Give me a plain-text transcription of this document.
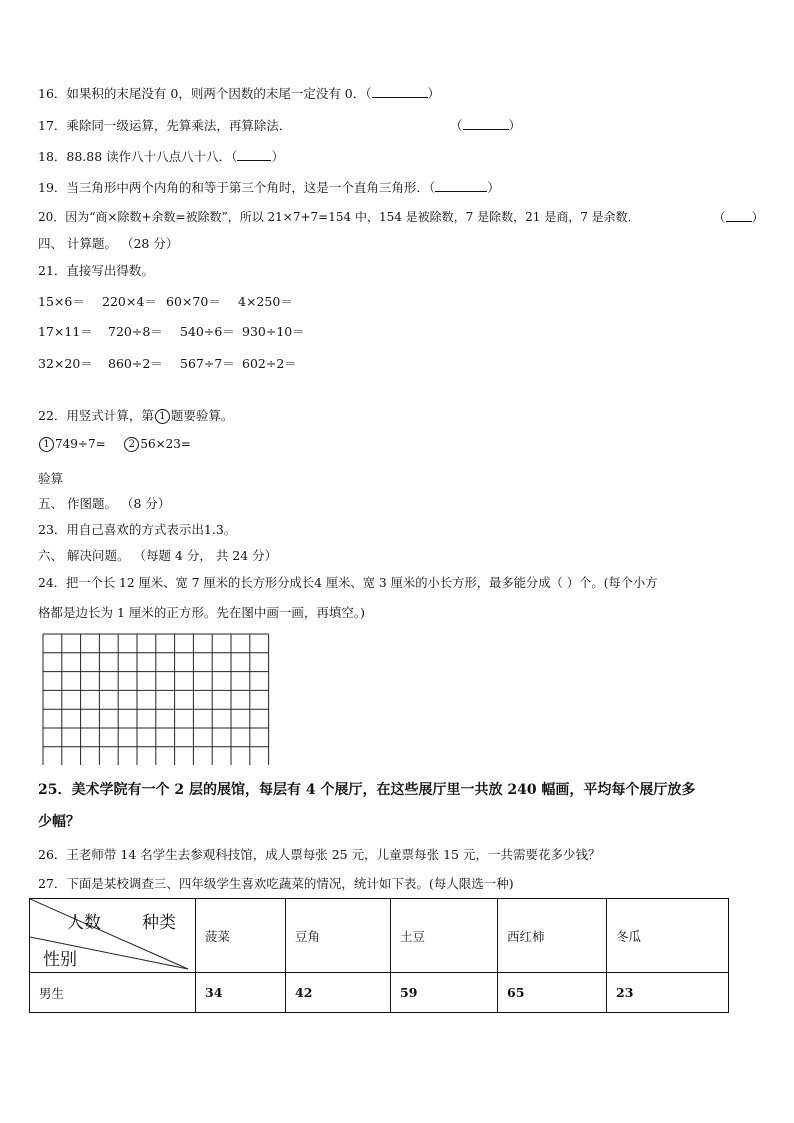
16．如果积的末尾没有 0，则两个因数的末尾一定没有 0．（	）
17．乘除同一级运算，先算乘法，再算除法．	（	）
18．88.88 读作八十八点八十八．（	）
19．当三角形中两个内角的和等于第三个角时，这是一个直角三角形．（	）
20．因为“商×除数+余数=被除数”，所以 21×7+7=154 中，154 是被除数，7 是除数，21 是商，7 是余数．	（ ）
四、 计算题。 （28 分）
21．直接写出得数。
15×6＝	220×4＝ 60×70＝	4×250＝
17×11＝	720÷8＝	540÷6＝ 930÷10＝
32×20＝	860÷2＝	567÷7＝ 602÷2＝
22．用竖式计算，第 1 题要验算。
1 749÷7= 2 56×23=
验算
五、 作图题。 （8 分）
23．用自己喜欢的方式表示出1.3。
六、 解决问题。 （每题 4 分， 共 24 分）
24．把一个长 12 厘米、宽 7 厘米的长方形分成长4 厘米、宽 3 厘米的小长方形，最多能分成（ ）个。(每个小方
格都是边长为 1 厘米的正方形。先在图中画一画，再填空。)
25．美术学院有一个 2 层的展馆，每层有 4 个展厅，在这些展厅里一共放 240 幅画，平均每个展厅放多
少幅？
26．王老师带 14 名学生去参观科技馆，成人票每张 25 元，儿童票每张 15 元，一共需要花多少钱？
27．下面是某校调查三、四年级学生喜欢吃蔬菜的情况，统计如下表。(每人限选一种)
人数 种类
性别	菠菜	豆角	土豆	西红柿	冬瓜
男生	34	42	59	65	23
